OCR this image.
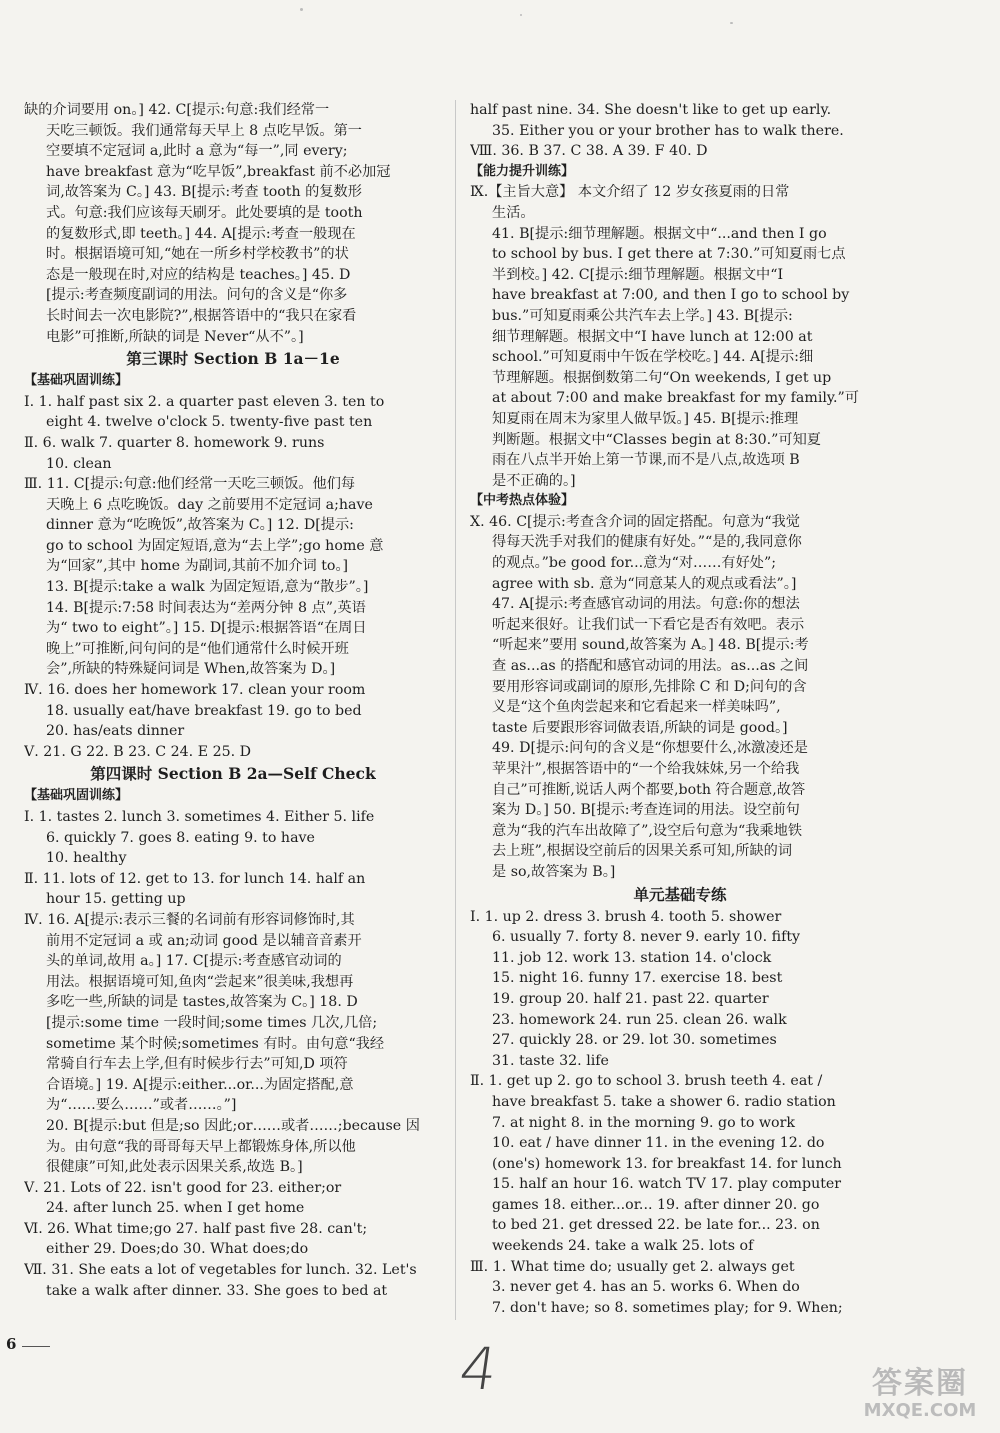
缺的介词要用 on。] 42. C[提示:句意:我们经常一
天吃三顿饭。我们通常每天早上 8 点吃早饭。第一
空要填不定冠词 a,此时 a 意为“每一”,同 every;
have breakfast 意为“吃早饭”,breakfast 前不必加冠
词,故答案为 C。] 43. B[提示:考查 tooth 的复数形
式。句意:我们应该每天刷牙。此处要填的是 tooth
的复数形式,即 teeth。] 44. A[提示:考查一般现在
时。根据语境可知,“她在一所乡村学校教书”的状
态是一般现在时,对应的结构是 teaches。] 45. D
[提示:考查频度副词的用法。问句的含义是“你多
长时间去一次电影院?”,根据答语中的“我只在家看
电影”可推断,所缺的词是 Never“从不”。]
第三课时 Section B 1a－1e
【基础巩固训练】
Ⅰ. 1. half past six 2. a quarter past eleven 3. ten to
eight 4. twelve o'clock 5. twenty-five past ten
Ⅱ. 6. walk 7. quarter 8. homework 9. runs
10. clean
Ⅲ. 11. C[提示:句意:他们经常一天吃三顿饭。他们每
天晚上 6 点吃晚饭。day 之前要用不定冠词 a;have
dinner 意为“吃晚饭”,故答案为 C。] 12. D[提示:
go to school 为固定短语,意为“去上学”;go home 意
为“回家”,其中 home 为副词,其前不加介词 to。]
13. B[提示:take a walk 为固定短语,意为“散步”。]
14. B[提示:7:58 时间表达为“差两分钟 8 点”,英语
为“ two to eight”。] 15. D[提示:根据答语“在周日
晚上”可推断,问句问的是“他们通常什么时候开班
会”,所缺的特殊疑问词是 When,故答案为 D。]
Ⅳ. 16. does her homework 17. clean your room
18. usually eat/have breakfast 19. go to bed
20. has/eats dinner
Ⅴ. 21. G 22. B 23. C 24. E 25. D
第四课时 Section B 2a—Self Check
【基础巩固训练】
Ⅰ. 1. tastes 2. lunch 3. sometimes 4. Either 5. life
6. quickly 7. goes 8. eating 9. to have
10. healthy
Ⅱ. 11. lots of 12. get to 13. for lunch 14. half an
hour 15. getting up
Ⅳ. 16. A[提示:表示三餐的名词前有形容词修饰时,其
前用不定冠词 a 或 an;动词 good 是以辅音音素开
头的单词,故用 a。] 17. C[提示:考查感官动词的
用法。根据语境可知,鱼肉“尝起来”很美味,我想再
多吃一些,所缺的词是 tastes,故答案为 C。] 18. D
[提示:some time 一段时间;some times 几次,几倍;
sometime 某个时候;sometimes 有时。由句意“我经
常骑自行车去上学,但有时候步行去”可知,D 项符
合语境。] 19. A[提示:either...or...为固定搭配,意
为“……要么……”或者……。”]
20. B[提示:but 但是;so 因此;or……或者……;because 因
为。由句意“我的哥哥每天早上都锻炼身体,所以他
很健康”可知,此处表示因果关系,故选 B。]
Ⅴ. 21. Lots of 22. isn't good for 23. either;or
24. after lunch 25. when I get home
Ⅵ. 26. What time;go 27. half past five 28. can't;
either 29. Does;do 30. What does;do
Ⅶ. 31. She eats a lot of vegetables for lunch. 32. Let's
take a walk after dinner. 33. She goes to bed at
half past nine. 34. She doesn't like to get up early.
35. Either you or your brother has to walk there.
Ⅷ. 36. B 37. C 38. A 39. F 40. D
【能力提升训练】
Ⅸ.【主旨大意】 本文介绍了 12 岁女孩夏雨的日常
生活。
41. B[提示:细节理解题。根据文中“...and then I go
to school by bus. I get there at 7:30.”可知夏雨七点
半到校。] 42. C[提示:细节理解题。根据文中“I
have breakfast at 7:00, and then I go to school by
bus.”可知夏雨乘公共汽车去上学。] 43. B[提示:
细节理解题。根据文中“I have lunch at 12:00 at
school.”可知夏雨中午饭在学校吃。] 44. A[提示:细
节理解题。根据倒数第二句“On weekends, I get up
at about 7:00 and make breakfast for my family.”可
知夏雨在周末为家里人做早饭。] 45. B[提示:推理
判断题。根据文中“Classes begin at 8:30.”可知夏
雨在八点半开始上第一节课,而不是八点,故选项 B
是不正确的。]
【中考热点体验】
Ⅹ. 46. C[提示:考查含介词的固定搭配。句意为“我觉
得每天洗手对我们的健康有好处。”“是的,我同意你
的观点。”be good for...意为“对……有好处”;
agree with sb. 意为“同意某人的观点或看法”。]
47. A[提示:考查感官动词的用法。句意:你的想法
听起来很好。让我们试一下看它是否有效吧。表示
“听起来”要用 sound,故答案为 A。] 48. B[提示:考
查 as...as 的搭配和感官动词的用法。as...as 之间
要用形容词或副词的原形,先排除 C 和 D;问句的含
义是“这个鱼肉尝起来和它看起来一样美味吗”,
taste 后要跟形容词做表语,所缺的词是 good。]
49. D[提示:问句的含义是“你想要什么,冰激凌还是
苹果汁”,根据答语中的“一个给我妹妹,另一个给我
自己”可推断,说话人两个都要,both 符合题意,故答
案为 D。] 50. B[提示:考查连词的用法。设空前句
意为“我的汽车出故障了”,设空后句意为“我乘地铁
去上班”,根据设空前后的因果关系可知,所缺的词
是 so,故答案为 B。]
单元基础专练
Ⅰ. 1. up 2. dress 3. brush 4. tooth 5. shower
6. usually 7. forty 8. never 9. early 10. fifty
11. job 12. work 13. station 14. o'clock
15. night 16. funny 17. exercise 18. best
19. group 20. half 21. past 22. quarter
23. homework 24. run 25. clean 26. walk
27. quickly 28. or 29. lot 30. sometimes
31. taste 32. life
Ⅱ. 1. get up 2. go to school 3. brush teeth 4. eat /
have breakfast 5. take a shower 6. radio station
7. at night 8. in the morning 9. go to work
10. eat / have dinner 11. in the evening 12. do
(one's) homework 13. for breakfast 14. for lunch
15. half an hour 16. watch TV 17. play computer
games 18. either...or... 19. after dinner 20. go
to bed 21. get dressed 22. be late for... 23. on
weekends 24. take a walk 25. lots of
Ⅲ. 1. What time do; usually get 2. always get
3. never get 4. has an 5. works 6. When do
7. don't have; so 8. sometimes play; for 9. When;
6	4	答案圈
MXQE.COM
